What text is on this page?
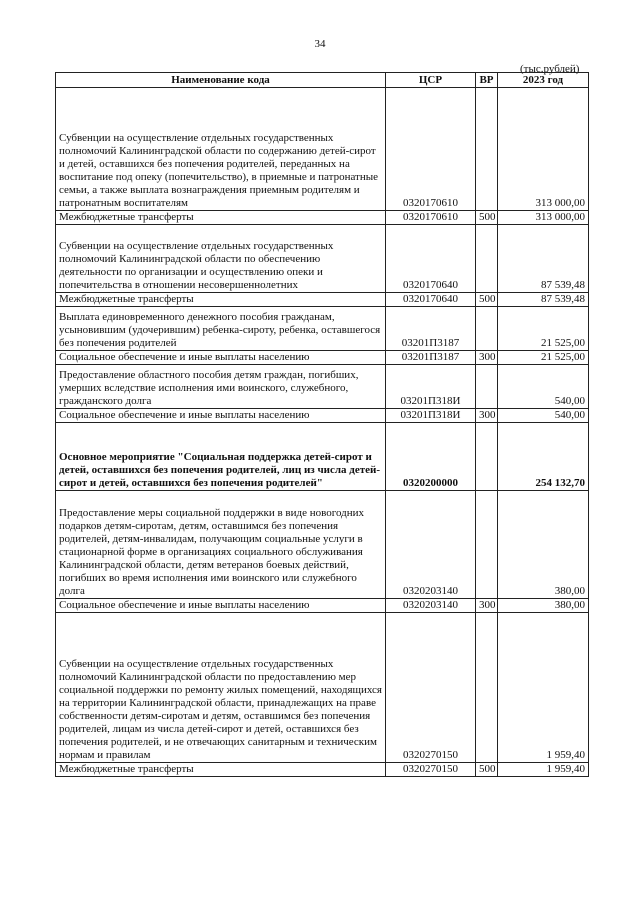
34
(тыс.рублей)
Наименование кода	ЦСР	ВР	2023 год
Субвенции на осуществление отдельных государственных полномочий Калининградской области по содержанию детей-сирот и детей, оставшихся без попечения родителей, переданных на воспитание под опеку (попечительство), в приемные и патронатные семьи, а также выплата вознаграждения приемным родителям и патронатным воспитателям	0320170610		313 000,00
Межбюджетные трансферты	0320170610	500	313 000,00
Субвенции на осуществление отдельных государственных полномочий Калининградской области по обеспечению деятельности по организации и осуществлению опеки и попечительства в отношении несовершеннолетних	0320170640		87 539,48
Межбюджетные трансферты	0320170640	500	87 539,48
Выплата единовременного денежного пособия гражданам, усыновившим (удочерившим) ребенка-сироту, ребенка, оставшегося без попечения родителей	03201П3187		21 525,00
Социальное обеспечение и иные выплаты населению	03201П3187	300	21 525,00
Предоставление областного пособия детям граждан, погибших, умерших вследствие исполнения ими воинского, служебного, гражданского долга	03201П318И		540,00
Социальное обеспечение и иные выплаты населению	03201П318И	300	540,00
Основное мероприятие "Социальная поддержка детей-сирот и детей, оставшихся без попечения родителей, лиц из числа детей-сирот и детей, оставшихся без попечения родителей"	0320200000		254 132,70
Предоставление меры социальной поддержки в виде новогодних подарков детям-сиротам, детям, оставшимся без попечения родителей, детям-инвалидам, получающим социальные услуги в стационарной форме в организациях социального обслуживания Калининградской области, детям ветеранов боевых действий, погибших во время исполнения ими воинского или служебного долга	0320203140		380,00
Социальное обеспечение и иные выплаты населению	0320203140	300	380,00
Субвенции на осуществление отдельных государственных полномочий Калининградской области по предоставлению мер социальной поддержки по ремонту жилых помещений, находящихся на территории Калининградской области, принадлежащих на праве собственности детям-сиротам и детям, оставшимся без попечения родителей, лицам из числа детей-сирот и детей, оставшихся без попечения родителей, и не отвечающих санитарным и техническим нормам и правилам	0320270150		1 959,40
Межбюджетные трансферты	0320270150	500	1 959,40
